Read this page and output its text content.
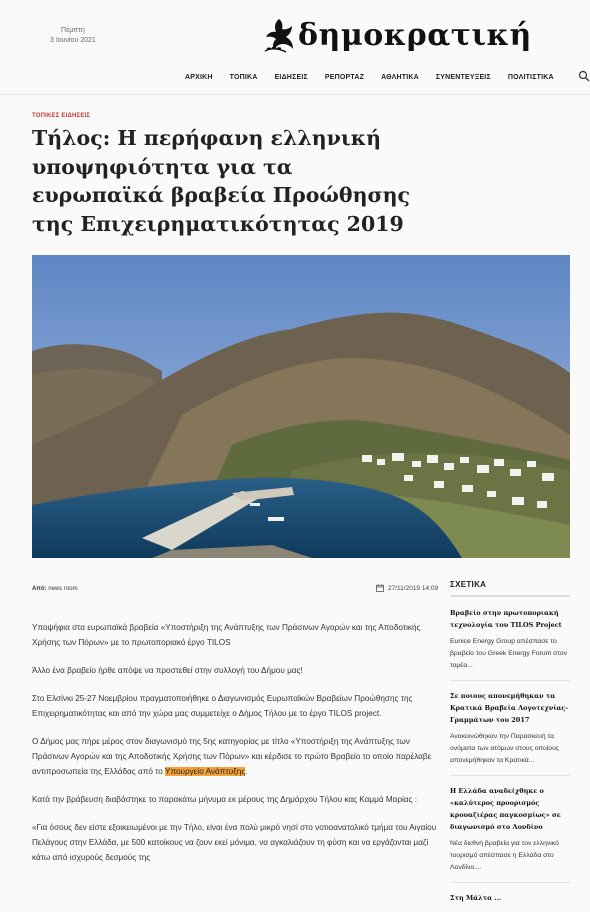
Πέμπτη
3 Ιουνίου 2021	δημοκρατική
ΑΡΧΙΚΗ ΤΟΠΙΚΑ ΕΙΔΗΣΕΙΣ ΡΕΠΟΡΤΑΖ ΑΘΛΗΤΙΚΑ ΣΥΝΕΝΤΕΥΞΕΙΣ ΠΟΛΙΤΙΣΤΙΚΑ
ΤΟΠΙΚΕΣ ΕΙΔΗΣΕΙΣ
Τήλος: Η περήφανη ελληνική υποψηφιότητα για τα ευρωπαϊκά βραβεία Προώθησης της Επιχειρηματικότητας 2019
Από: news room	27/11/2019 14:09

Υποψήφια στα ευρωπαϊκά βραβεία «Υποστήριξη της Ανάπτυξης των Πράσινων Αγορών και της Αποδοτικής Χρήσης των Πόρων» με το πρωτοποριακό έργο TILOS

Άλλο ένα βραβείο ήρθε απόψε να προστεθεί στην συλλογή του Δήμου μας!

Στο Ελσίνκι 25-27 Νοεμβρίου πραγματοποιήθηκε ο Διαγωνισμός Ευρωπαϊκών Βραβείων Προώθησης της Επιχειρηματικότητας και από την χώρα μας συμμετείχε ο Δήμος Τήλου με το έργο TILOS project.

Ο Δήμος μας πήρε μέρος στον διαγωνισμό της 5ης κατηγορίας με τίτλο «Υποστήριξη της Ανάπτυξης των Πράσινων Αγορών και της Αποδοτικής Χρήσης των Πόρων» και κέρδισε το πρώτο Βραβείο το οποίο παρέλαβε αντιπροσωπεία της Ελλάδας από το Υπουργείο Ανάπτυξης.

Κατά την βράβευση διαβάστηκε το παρακάτω μήνυμα εκ μέρους της Δημάρχου Τήλου κας Καμμά Μαρίας :

«Για όσους δεν είστε εξοικειωμένοι με την Τήλο, είναι ένα πολύ μικρό νησί στο νοτιοανατολικό τμήμα του Αιγαίου Πελάγους στην Ελλάδα, με 500 κατοίκους να ζουν εκεί μόνιμα, να αγκαλιάζουν τη φύση και να εργάζονται μαζί κάτω από ισχυρούς δεσμούς της

ΣΧΕΤΙΚΑ
Βραβείο στην πρωτοποριακή τεχνολογία του TILOS Project
Eunice Energy Group απέσπασε το βραβείο του Greek Energy Forum στον τομέα...
Σε ποιους απονεμήθηκαν τα Κρατικά Βραβεία Λογοτεχνίας-Γραμμάτων του 2017
Ανακοινώθηκαν την Παρασκευή τα ονόματα των ατόμων στους οποίους απονεμήθηκαν τα Κρατικά...
Η Ελλάδα αναδείχθηκε ο «καλύτερος προορισμός κρουαζιέρας παγκοσμίως» σε διαγωνισμό στο Λονδίνο
Νέα διεθνή βραβεία για τον ελληνικό τουρισμό απέσπασε η Ελλάδα στο Λονδίνο....
Στη Μάλτα ...
